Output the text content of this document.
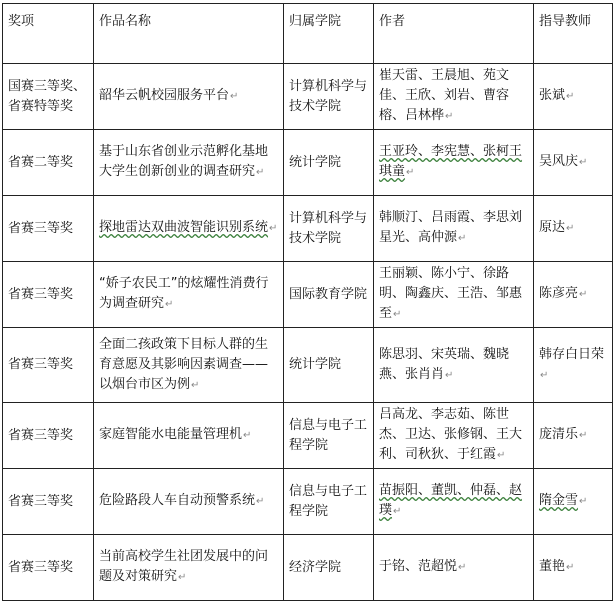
奖项	作品名称	归属学院	作者	指导教师
国赛三等奖、省赛特等奖	韶华云帆校园服务平台↵	计算机科学与技术学院	崔天雷、王晨旭、苑文佳、王欣、刘岩、曹容榕、吕林桦↵	张斌↵
省赛二等奖	基于山东省创业示范孵化基地大学生创新创业的调查研究↵	统计学院	王亚玲、李宪慧、张柯王琪童↵	吴风庆↵
省赛三等奖	探地雷达双曲波智能识别系统↵	计算机科学与技术学院	韩顺汀、吕雨霞、李思刘星光、高仲源↵	原达↵
省赛三等奖	“娇子农民工”的炫耀性消费行为调查研究↵	国际教育学院	王丽颖、陈小宁、徐路明、陶鑫庆、王浩、邹惠至↵	陈彦亮↵
省赛三等奖	全面二孩政策下目标人群的生育意愿及其影响因素调查——以烟台市区为例↵	统计学院	陈思羽、宋英瑞、魏晓燕、张肖肖↵	韩存白日荣↵
省赛三等奖	家庭智能水电能量管理机↵	信息与电子工程学院	吕高龙、李志茹、陈世杰、卫达、张修钢、王大利、司秋狄、于红霞↵	庞清乐↵
省赛三等奖	危险路段人车自动预警系统↵	信息与电子工程学院	苗振阳、董凯、仲磊、赵璞↵	隋金雪↵
省赛三等奖	当前高校学生社团发展中的问题及对策研究↵	经济学院	于铭、范超悦↵	董艳↵
